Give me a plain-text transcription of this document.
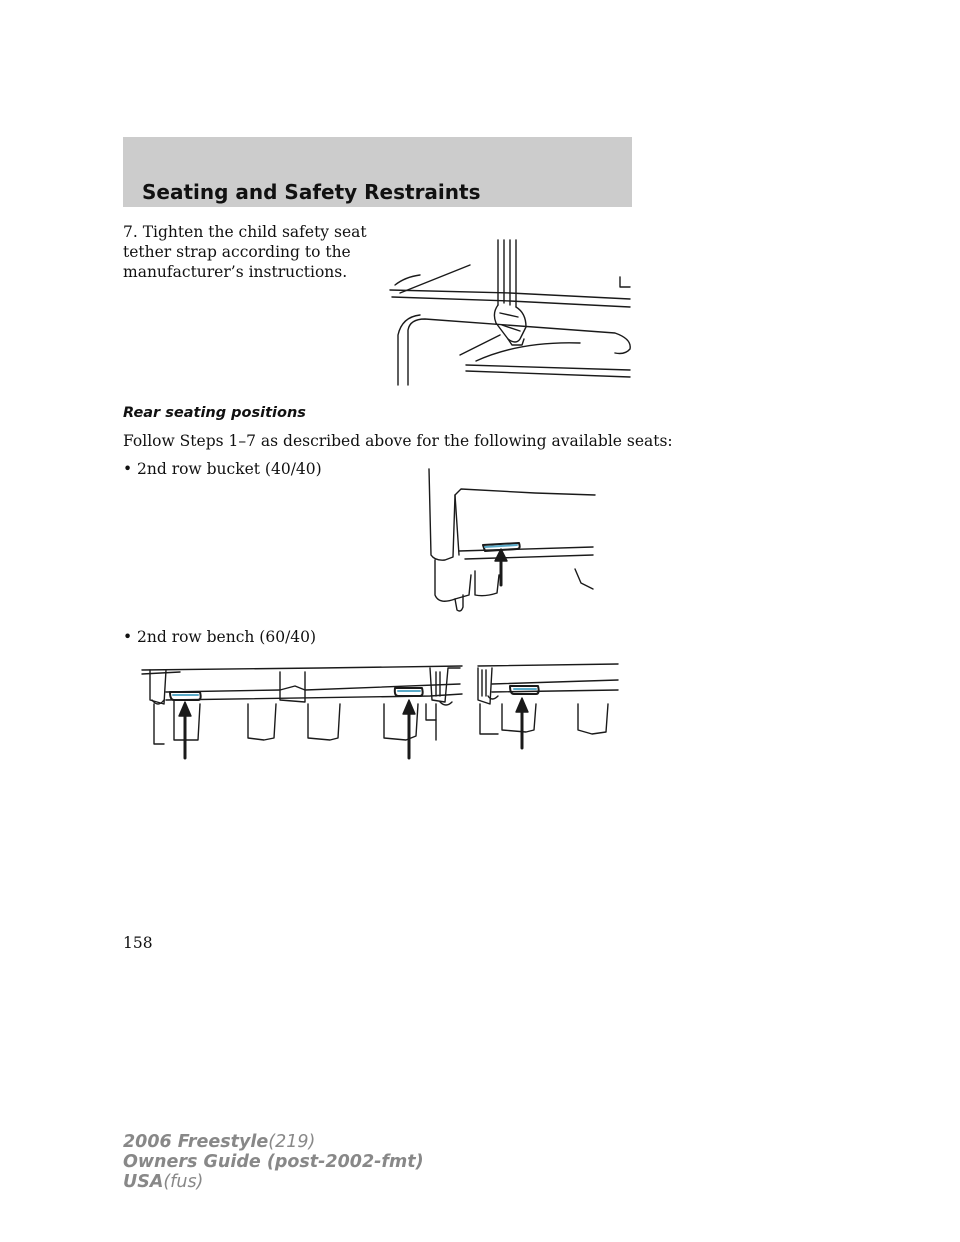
Seating and Safety Restraints

7. Tighten the child safety seat tether strap according to the manufacturer’s instructions.

Rear seating positions

Follow Steps 1–7 as described above for the following available seats:

• 2nd row bucket (40/40)

• 2nd row bench (60/40)

158
2006 Freestyle(219)
Owners Guide (post-2002-fmt)
USA(fus)
